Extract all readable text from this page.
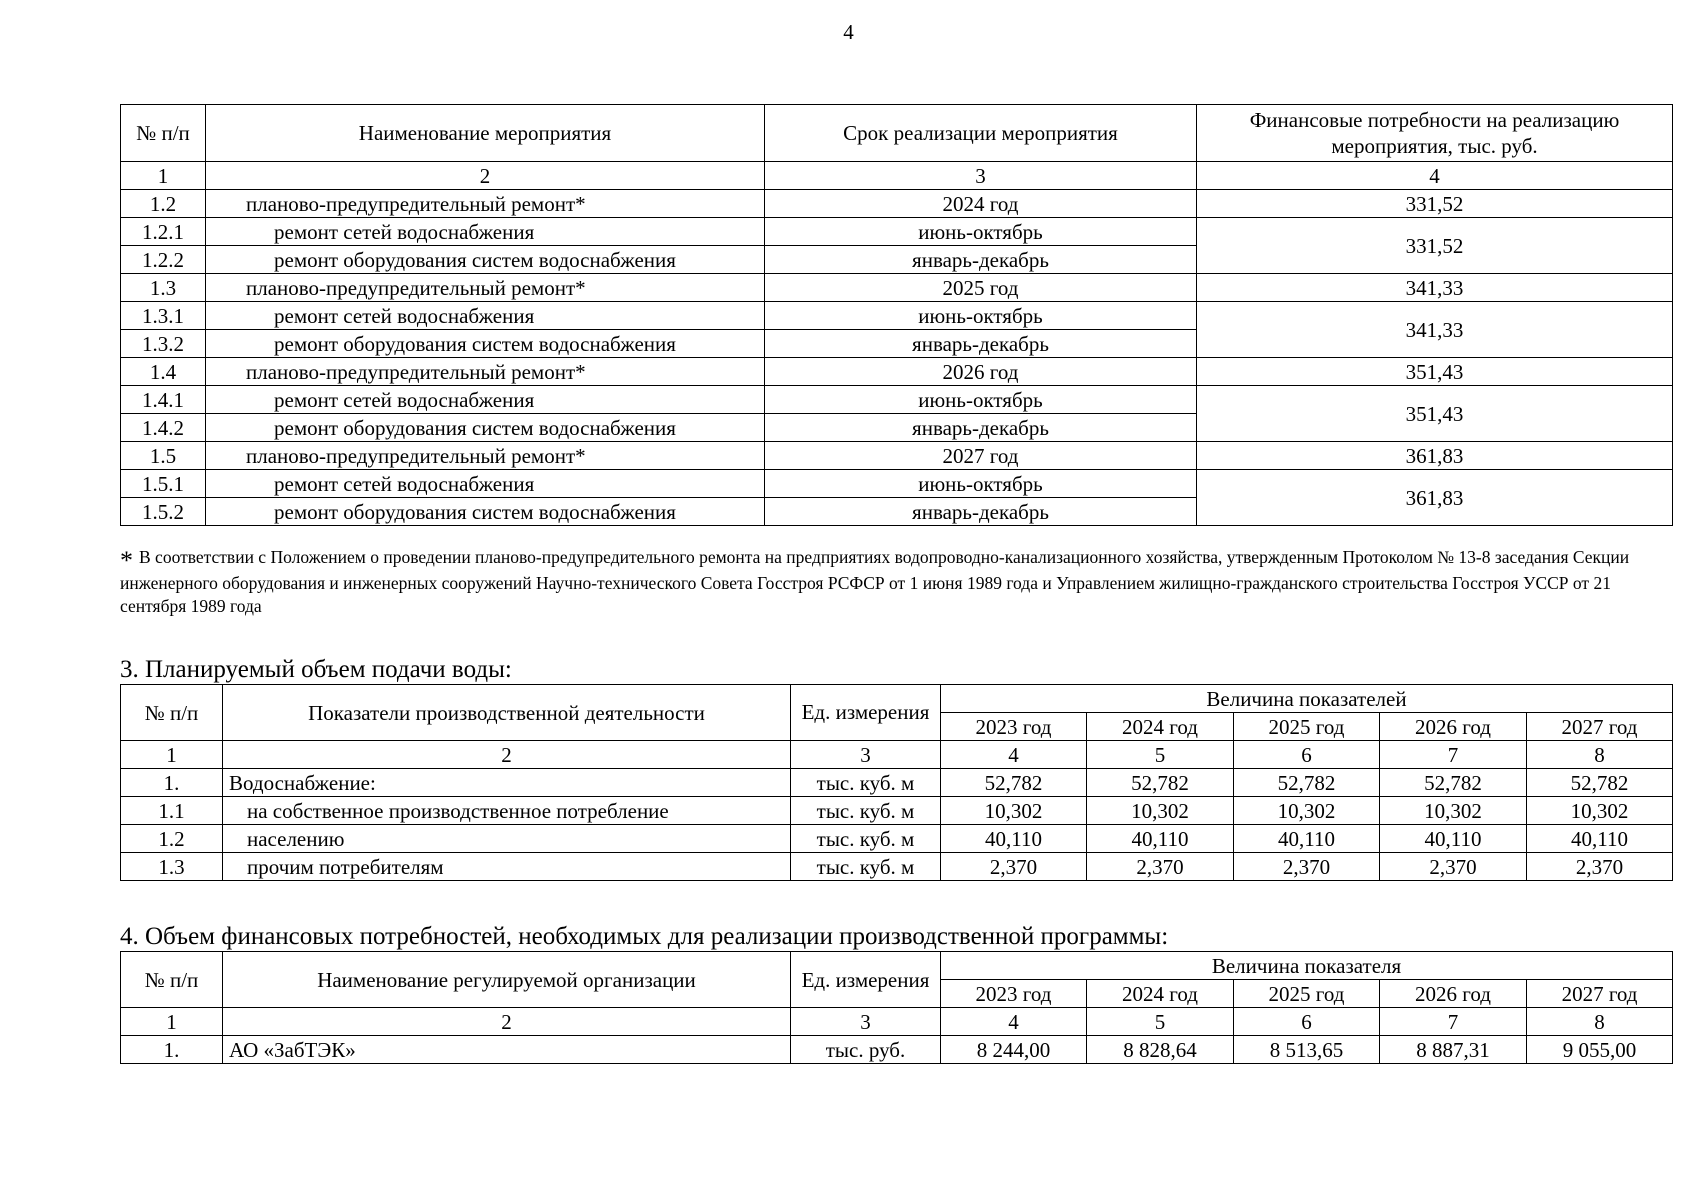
4
№ п/п	Наименование мероприятия	Срок реализации мероприятия	Финансовые потребности на реализацию мероприятия, тыс. руб.
1	2	3	4
1.2	планово-предупредительный ремонт*	2024 год	331,52
1.2.1	ремонт сетей водоснабжения	июнь-октябрь	331,52
1.2.2	ремонт оборудования систем водоснабжения	январь-декабрь	
1.3	планово-предупредительный ремонт*	2025 год	341,33
1.3.1	ремонт сетей водоснабжения	июнь-октябрь	341,33
1.3.2	ремонт оборудования систем водоснабжения	январь-декабрь	
1.4	планово-предупредительный ремонт*	2026 год	351,43
1.4.1	ремонт сетей водоснабжения	июнь-октябрь	351,43
1.4.2	ремонт оборудования систем водоснабжения	январь-декабрь	
1.5	планово-предупредительный ремонт*	2027 год	361,83
1.5.1	ремонт сетей водоснабжения	июнь-октябрь	361,83
1.5.2	ремонт оборудования систем водоснабжения	январь-декабрь	
* В соответствии с Положением о проведении планово-предупредительного ремонта на предприятиях водопроводно-канализационного хозяйства, утвержденным Протоколом № 13-8 заседания Секции инженерного оборудования и инженерных сооружений Научно-технического Совета Госстроя РСФСР от 1 июня 1989 года и Управлением жилищно-гражданского строительства Госстроя УССР от 21 сентября 1989 года
3. Планируемый объем подачи воды:
№ п/п	Показатели производственной деятельности	Ед. измерения	Величина показателей				
			2023 год	2024 год	2025 год	2026 год	2027 год
1	2	3	4	5	6	7	8
1.	Водоснабжение:	тыс. куб. м	52,782	52,782	52,782	52,782	52,782
1.1	на собственное производственное потребление	тыс. куб. м	10,302	10,302	10,302	10,302	10,302
1.2	населению	тыс. куб. м	40,110	40,110	40,110	40,110	40,110
1.3	прочим потребителям	тыс. куб. м	2,370	2,370	2,370	2,370	2,370
4. Объем финансовых потребностей, необходимых для реализации производственной программы:
№ п/п	Наименование регулируемой организации	Ед. измерения	Величина показателя				
			2023 год	2024 год	2025 год	2026 год	2027 год
1	2	3	4	5	6	7	8
1.	АО «ЗабТЭК»	тыс. руб.	8 244,00	8 828,64	8 513,65	8 887,31	9 055,00
